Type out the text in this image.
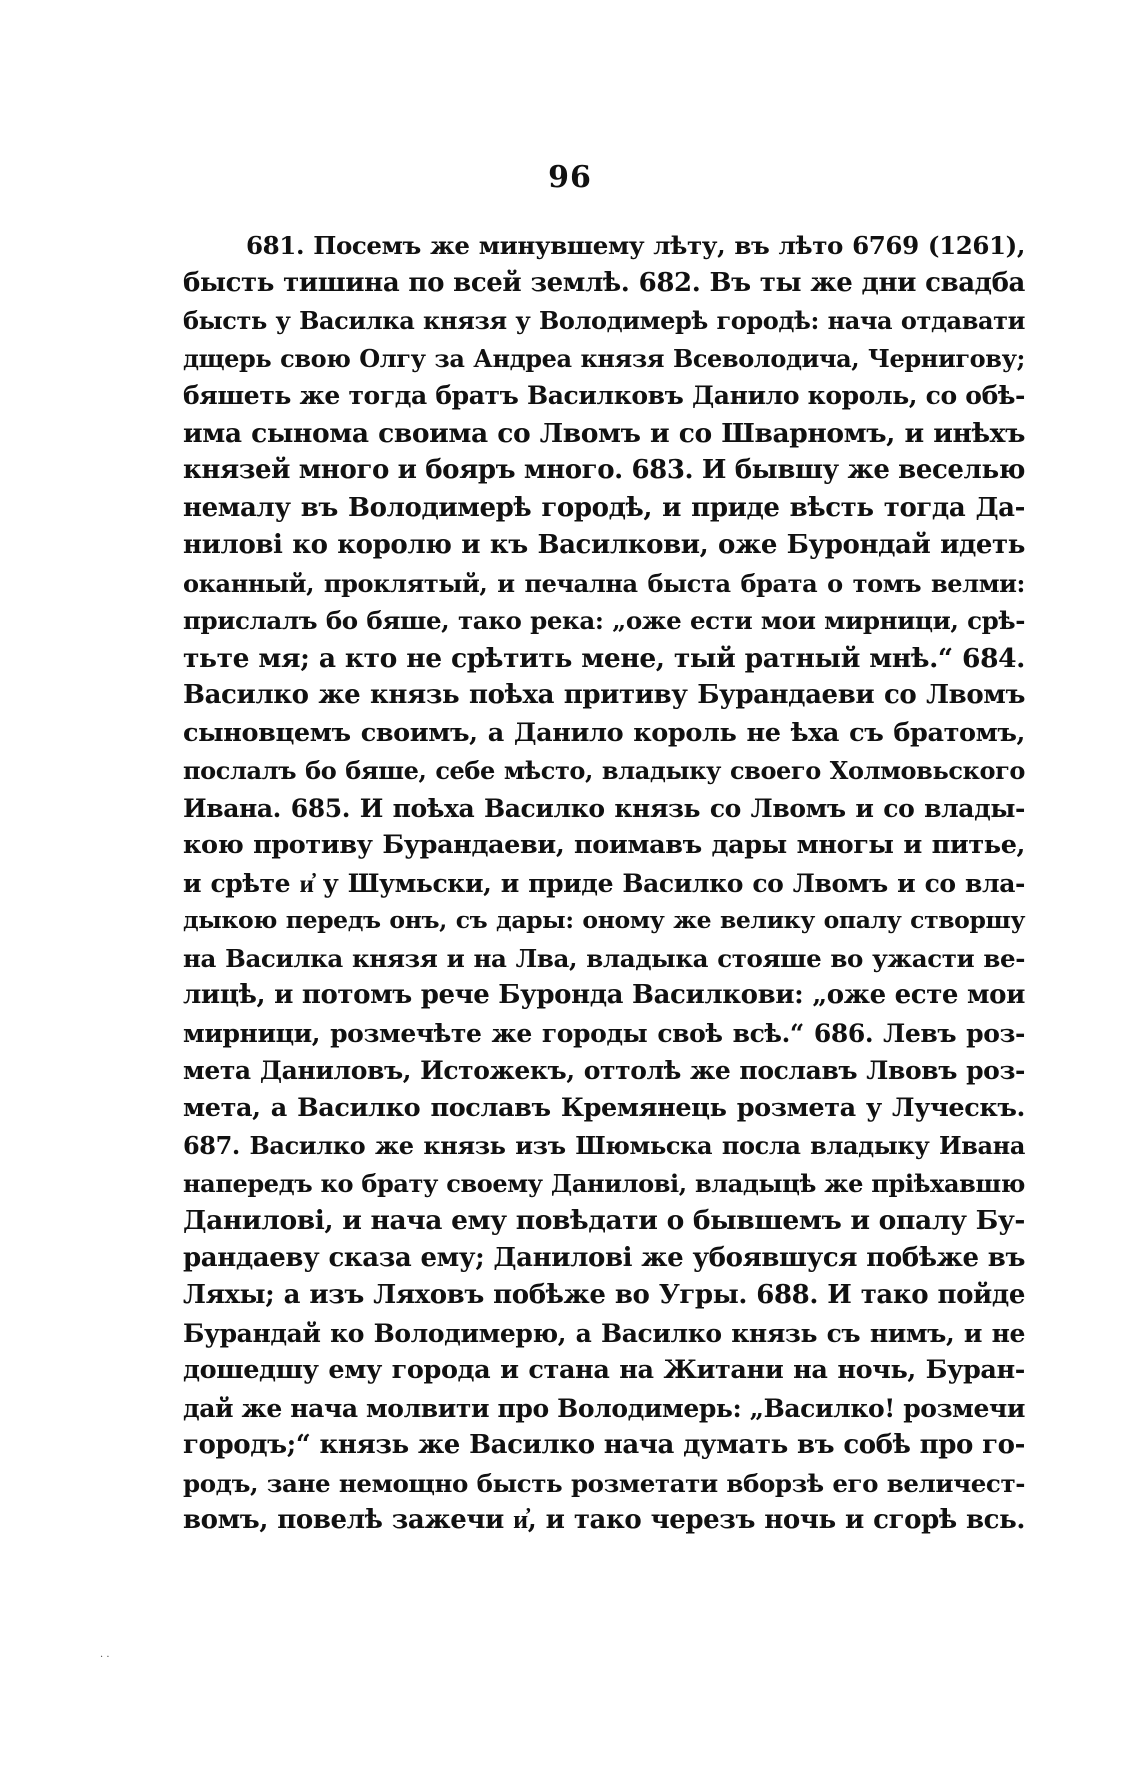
96
681. Посемъ же минувшему лѣту, въ лѣто 6769 (1261),
бысть тишина по всей землѣ. 682. Въ ты же дни свадба
бысть у Василка князя у Володимерѣ городѣ: нача отдавати
дщерь свою Олгу за Андреа князя Всеволодича, Чернигову;
бяшеть же тогда братъ Василковъ Данило король, со обѣ-
има сынома своима со Лвомъ и со Шварномъ, и инѣхъ
князей много и бояръ много. 683. И бывшу же веселью
немалу въ Володимерѣ городѣ, и приде вѣсть тогда Да-
ниловi ко королю и къ Василкови, оже Бурондай идеть
оканный, проклятый, и печална быста брата о томъ велми:
прислалъ бо бяше, тако река: „оже ести мои мирници, срѣ-
тьте мя; а кто не срѣтить мене, тый ратный мнѣ.“ 684.
Василко же князь поѣха притиву Бурандаеви со Лвомъ
сыновцемъ своимъ, а Данило король не ѣха съ братомъ,
послалъ бо бяше, себе мѣсто, владыку своего Холмовьского
Ивана. 685. И поѣха Василко князь со Лвомъ и со влады-
кою противу Бурандаеви, поимавъ дары многы и питье,
и срѣте и҆ у Шумьски, и приде Василко со Лвомъ и со вла-
дыкою передъ онъ, съ дары: оному же велику опалу створшу
на Василка князя и на Лва, владыка стояше во ужасти ве-
лицѣ, и потомъ рече Буронда Василкови: „оже есте мои
мирници, розмечѣте же городы своѣ всѣ.“ 686. Левъ роз-
мета Даниловъ, Истожекъ, оттолѣ же пославъ Лвовъ роз-
мета, а Василко пославъ Кремянець розмета у Луческъ.
687. Василко же князь изъ Шюмьска посла владыку Ивана
напередъ ко брату своему Даниловi, владыцѣ же прiѣхавшю
Даниловi, и нача ему повѣдати о бывшемъ и опалу Бу-
рандаеву сказа ему; Даниловi же убоявшуся побѣже въ
Ляхы; а изъ Ляховъ побѣже во Угры. 688. И тако пойде
Бурандай ко Володимерю, а Василко князь съ нимъ, и не
дошедшу ему города и стана на Житани на ночь, Буран-
дай же нача молвити про Володимерь: „Василко! розмечи
городъ;“ князь же Василко нача думать въ собѣ про го-
родъ, зане немощно бысть розметати вборзѣ его величест-
вомъ, повелѣ зажечи и҆, и тако черезъ ночь и сгорѣ всь.
· ·
